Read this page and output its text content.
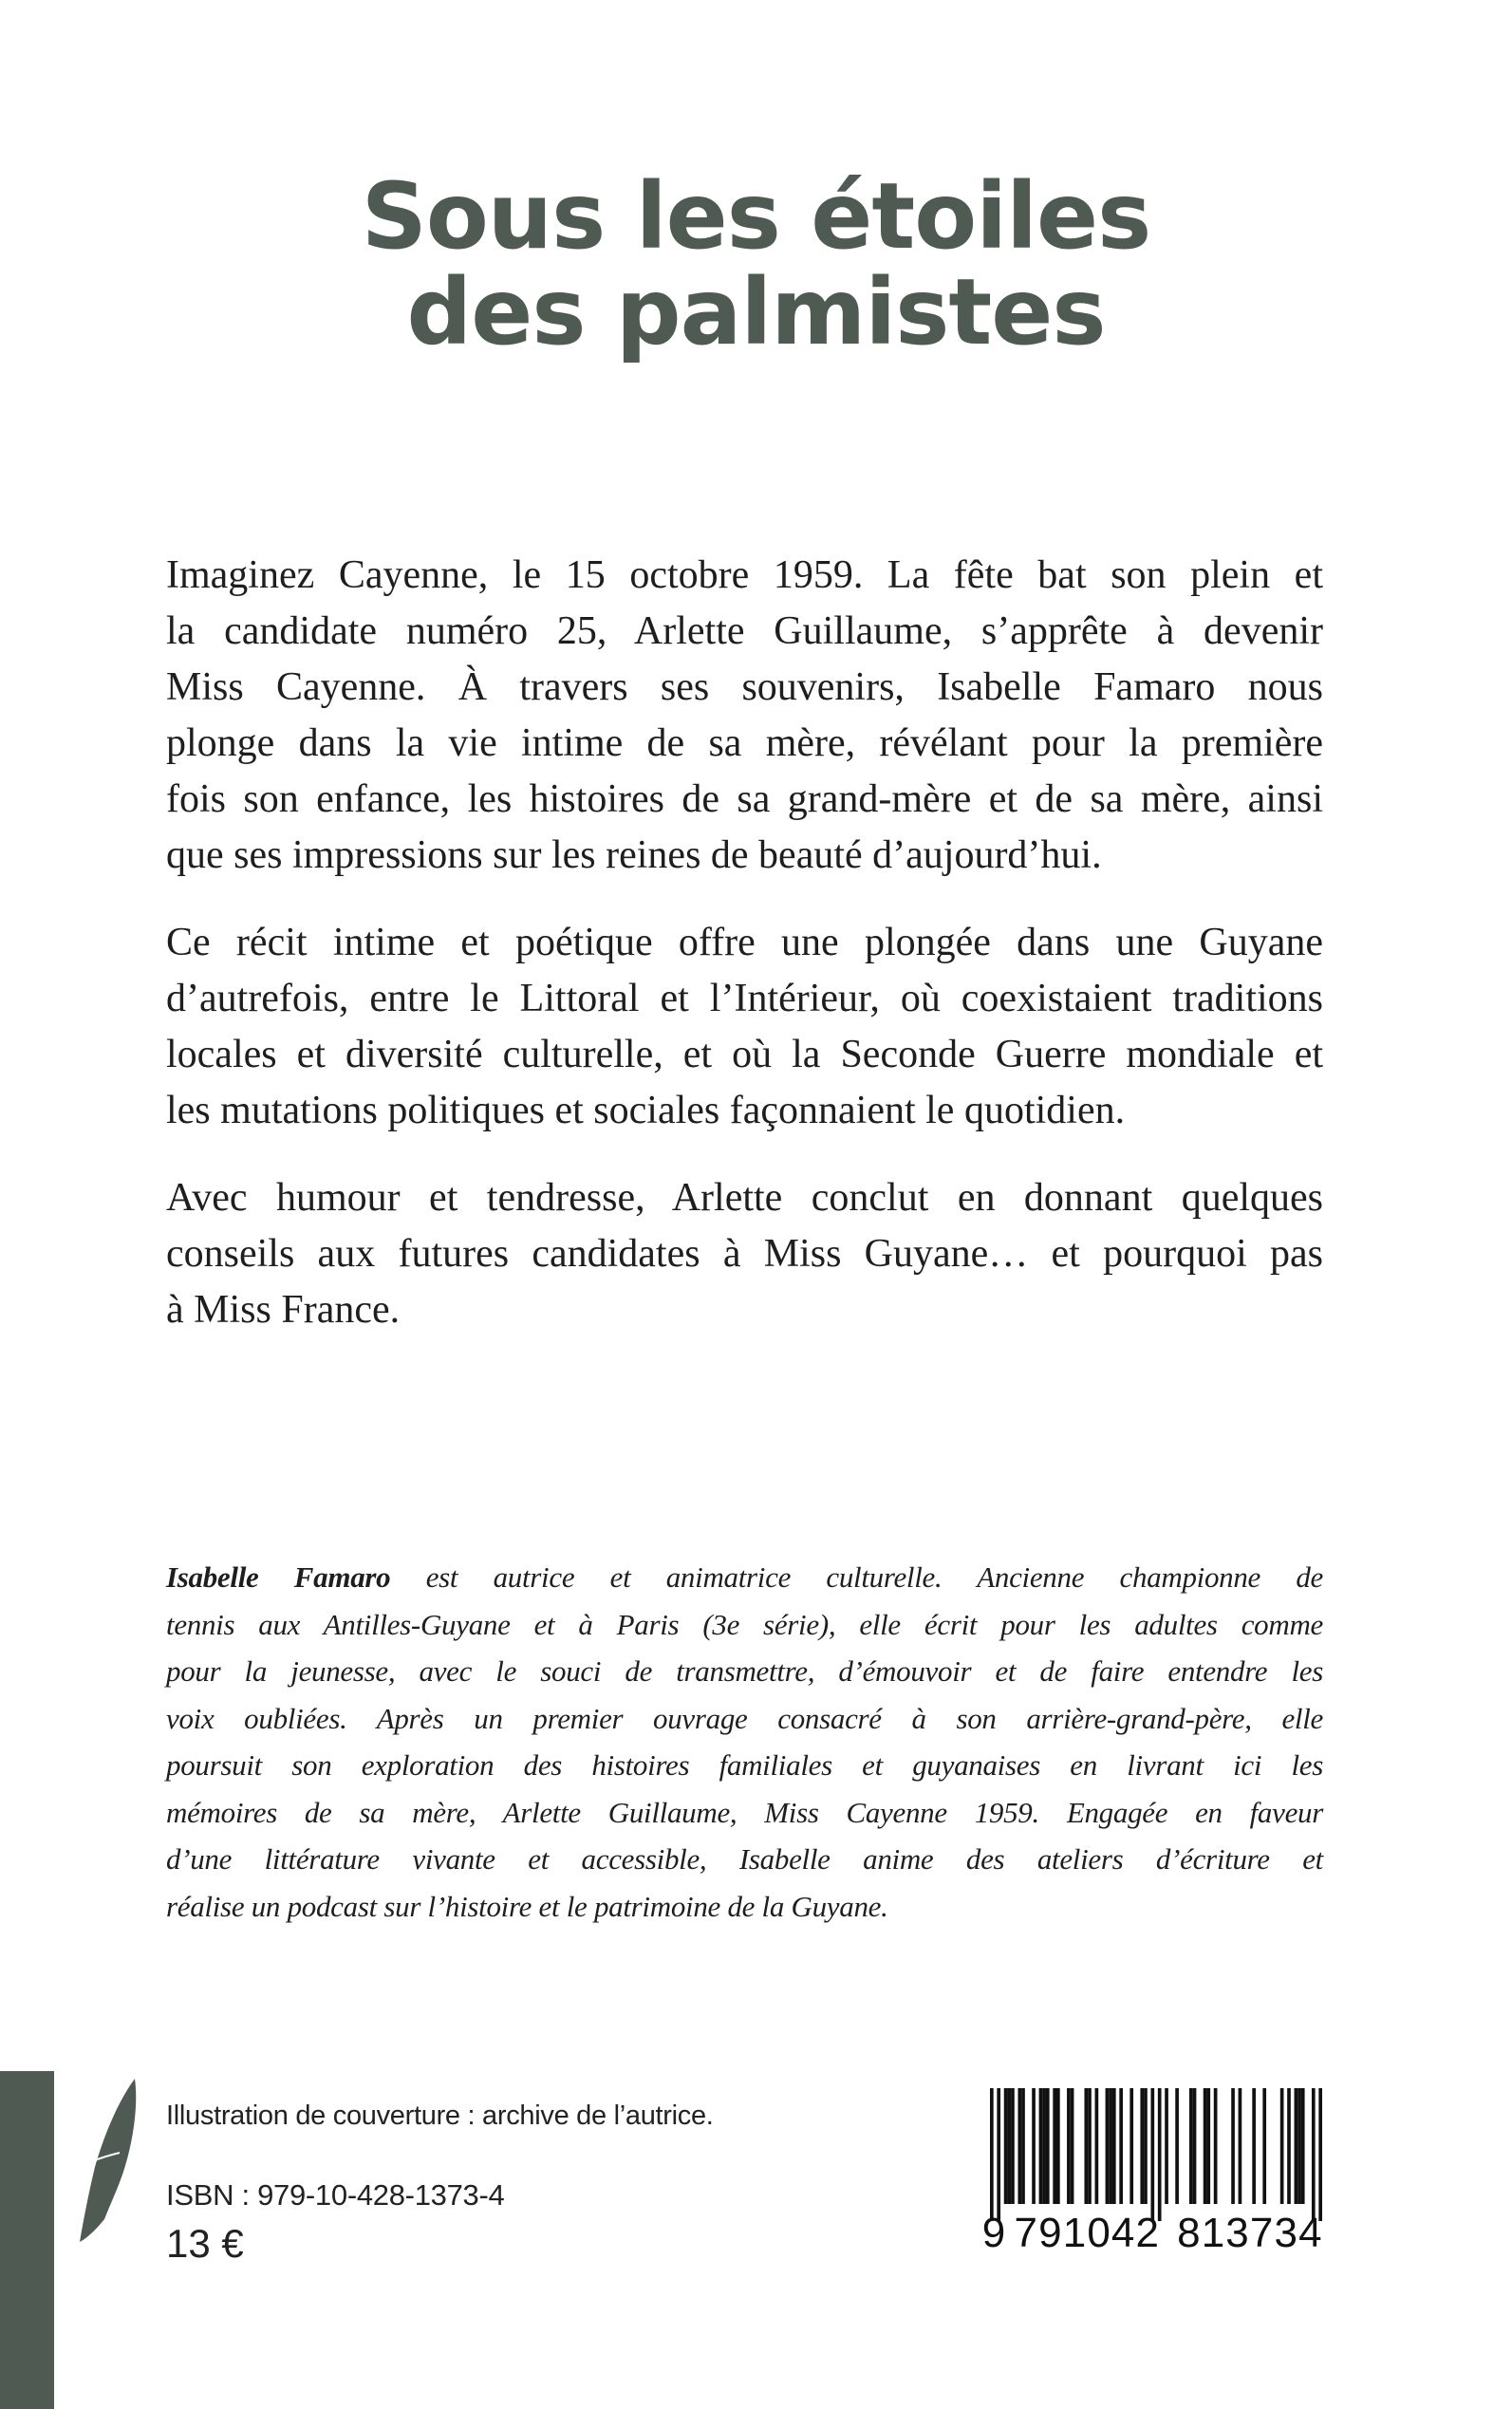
Sous les étoiles
des palmistes
Imaginez Cayenne, le 15 octobre 1959. La fête bat son plein et
la candidate numéro 25, Arlette Guillaume, s’apprête à devenir
Miss Cayenne. À travers ses souvenirs, Isabelle Famaro nous
plonge dans la vie intime de sa mère, révélant pour la première
fois son enfance, les histoires de sa grand-mère et de sa mère, ainsi
que ses impressions sur les reines de beauté d’aujourd’hui.
Ce récit intime et poétique offre une plongée dans une Guyane
d’autrefois, entre le Littoral et l’Intérieur, où coexistaient traditions
locales et diversité culturelle, et où la Seconde Guerre mondiale et
les mutations politiques et sociales façonnaient le quotidien.
Avec humour et tendresse, Arlette conclut en donnant quelques
conseils aux futures candidates à Miss Guyane… et pourquoi pas
à Miss France.
Isabelle Famaro est autrice et animatrice culturelle. Ancienne championne de
tennis aux Antilles-Guyane et à Paris (3e série), elle écrit pour les adultes comme
pour la jeunesse, avec le souci de transmettre, d’émouvoir et de faire entendre les
voix oubliées. Après un premier ouvrage consacré à son arrière-grand-père, elle
poursuit son exploration des histoires familiales et guyanaises en livrant ici les
mémoires de sa mère, Arlette Guillaume, Miss Cayenne 1959. Engagée en faveur
d’une littérature vivante et accessible, Isabelle anime des ateliers d’écriture et
réalise un podcast sur l’histoire et le patrimoine de la Guyane.
Illustration de couverture : archive de l’autrice.
ISBN : 979-10-428-1373-4
13 €	9 7 9 1 0 4 2 8 1 3 7 3 4
